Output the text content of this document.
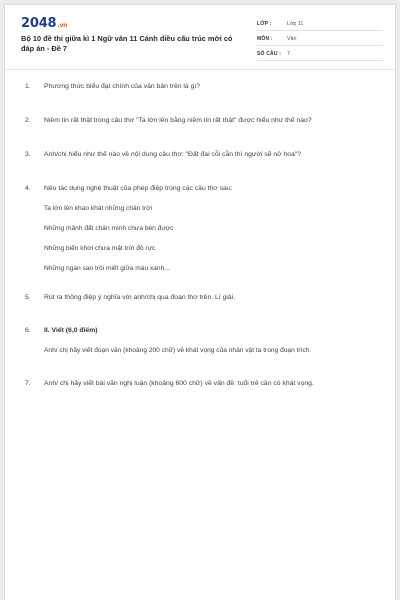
2048.vn
Bộ 10 đề thi giữa kì 1 Ngữ văn 11 Cánh diều cấu trúc mới có đáp án - Đề 7
LỚP :	Lớp 11
MÔN :	Văn
SỐ CÂU : 7
1. Phương thức biểu đạt chính của văn bản trên là gì?
2. Niềm tin rất thật trong câu thơ "Ta lớn lên bằng niềm tin rất thật" được hiểu như thế nào?
3. Anh/chị hiểu như thế nào về nội dung câu thơ: "Đất đai cỗi cằn thì người sẽ nở hoa"?
4. Nêu tác dụng nghệ thuật của phép điệp trong các câu thơ sau:
Ta lớn lên khao khát những chân trời
Những mảnh đất chân mình chưa bén được
Những biển khơi chưa mặt trời đỏ rực
Những ngàn sao trôi miết giữa màu xanh...
5. Rút ra thông điệp ý nghĩa với anh/chị qua đoạn thơ trên. Lí giải.
6. II. Viết (6,0 điểm)
Anh/ chị hãy viết đoạn văn (khoảng 200 chữ) về khát vọng của nhân vật ta trong đoạn trích.
7. Anh/ chị hãy viết bài văn nghị luận (khoảng 600 chữ) về vấn đề: tuổi trẻ cần có khát vọng.
